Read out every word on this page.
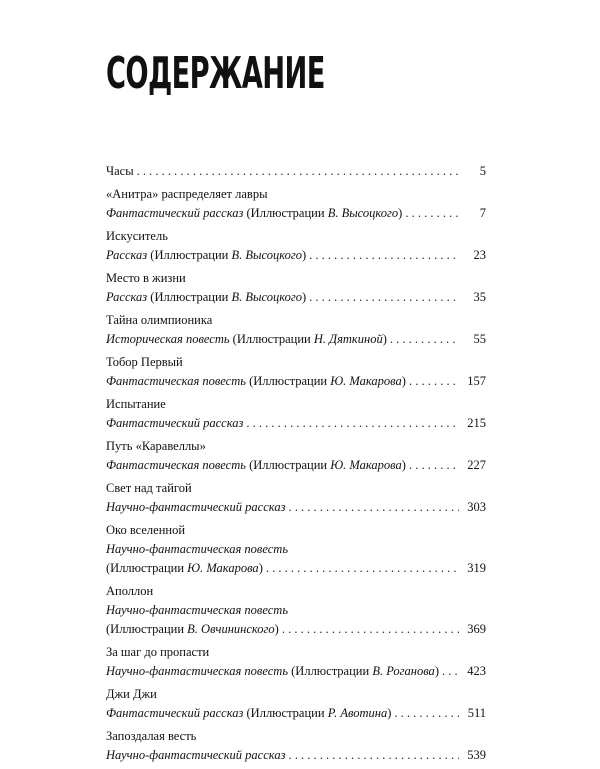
СОДЕРЖАНИЕ
Часы . . .	5
«Анитра» распределяет лавры
Фантастический рассказ (Иллюстрации В. Высоцкого) . . .	7
Искуситель
Рассказ (Иллюстрации В. Высоцкого) . . .	23
Место в жизни
Рассказ (Иллюстрации В. Высоцкого) . . .	35
Тайна олимпионика
Историческая повесть (Иллюстрации Н. Дяткиной) . . .	55
Тобор Первый
Фантастическая повесть (Иллюстрации Ю. Макарова) . . .	157
Испытание
Фантастический рассказ . . .	215
Путь «Каравеллы»
Фантастическая повесть (Иллюстрации Ю. Макарова) . . .	227
Свет над тайгой
Научно-фантастический рассказ . . .	303
Око вселенной
Научно-фантастическая повесть
(Иллюстрации Ю. Макарова) . . .	319
Аполлон
Научно-фантастическая повесть
(Иллюстрации В. Овчининского) . . .	369
За шаг до пропасти
Научно-фантастическая повесть (Иллюстрации В. Роганова) . . .	423
Джи Джи
Фантастический рассказ (Иллюстрации Р. Авотина) . . .	511
Запоздалая весть
Научно-фантастический рассказ . . .	539
